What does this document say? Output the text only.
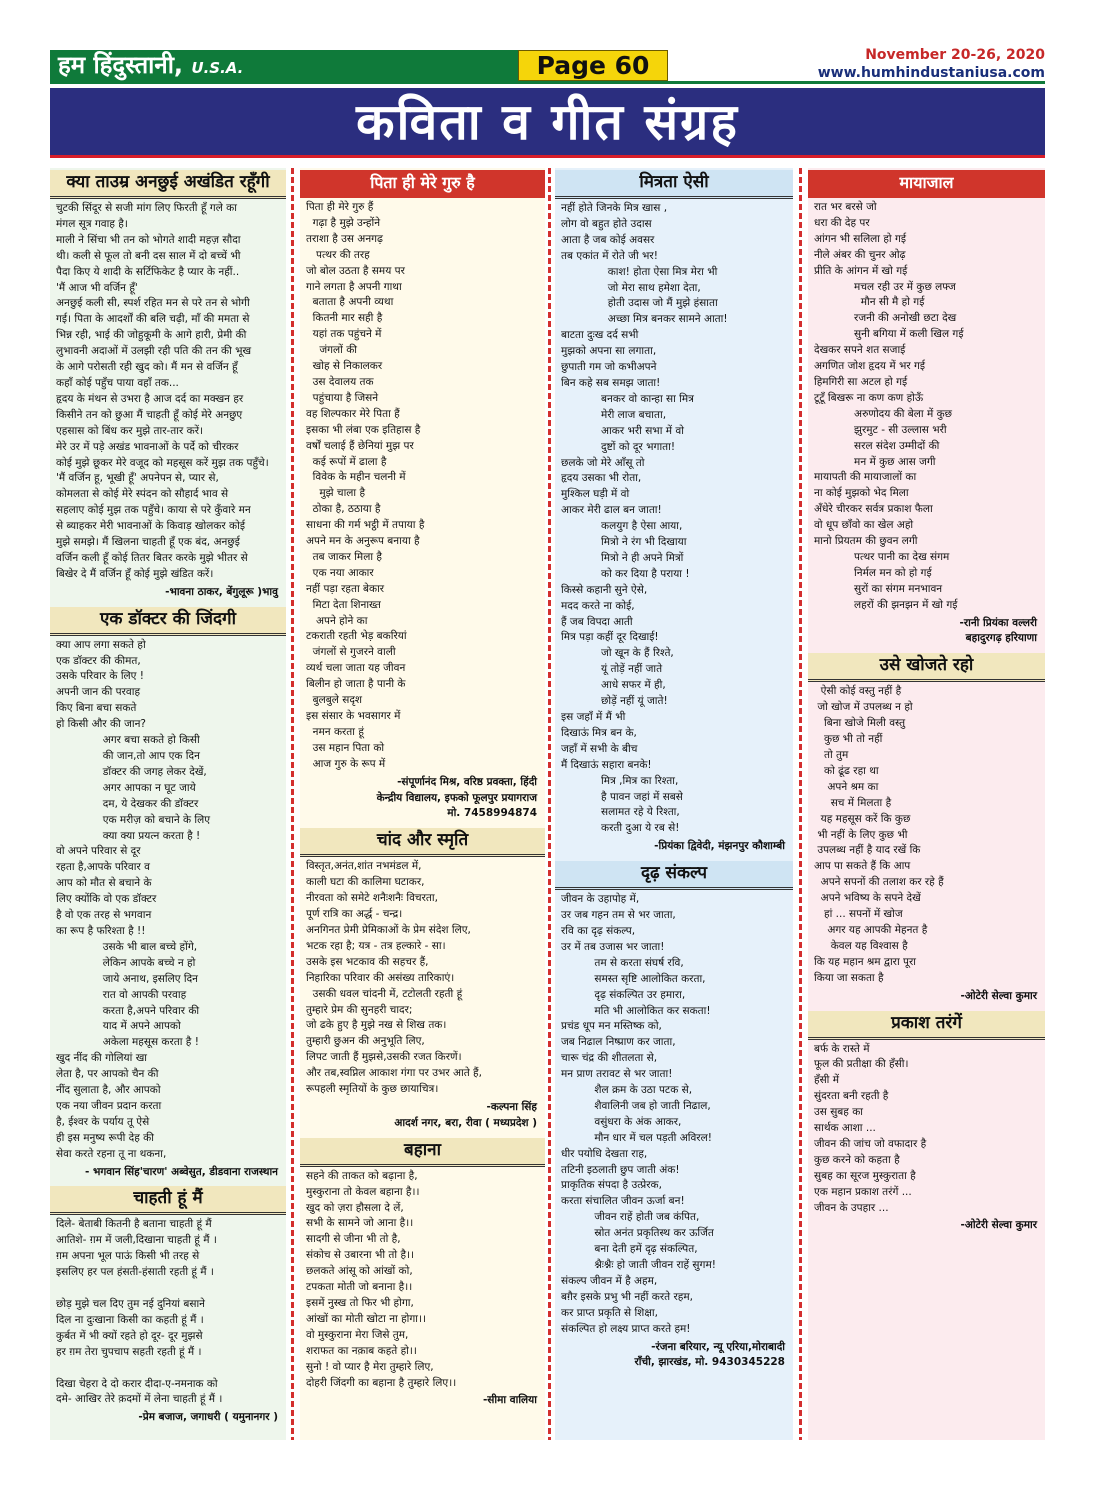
हम हिंदुस्तानी, U.S.A.	Page 60	November 20-26, 2020
www.humhindustaniusa.com
कविता व गीत संग्रह
क्या ताउम्र अनछुई अखंडित रहूँगी
चुटकी सिंदूर से सजी मांग लिए फिरती हूँ गले का
मंगल सूत्र गवाह है।
माली ने सिंचा भी तन को भोगते शादी महज़ सौदा
थी। कली से फूल तो बनी दस साल में दो बच्चें भी
पैदा किए ये शादी के सर्टिफिकेट है प्यार के नहीं..
'मैं आज भी वर्जिन हूँ'
अनछुई कली सी, स्पर्श रहित मन से परे तन से भोगी
गई। पिता के आदर्शों की बलि चढ़ी, माँ की ममता से
भिन्न रही, भाई की जोहुकूमी के आगे हारी, प्रेमी की
लुभावनी अदाओं में उलझी रही पति की तन की भूख
के आगे परोसती रही खुद को। मैं मन से वर्जिन हूँ
कहाँ कोई पहुँच पाया वहाँ तक...
हृदय के मंथन से उभरा है आज दर्द का मक्खन हर
किसीने तन को छुआ मैं चाहती हूँ कोई मेरे अनछुए
एहसास को बिंध कर मुझे तार-तार करें।
मेरे उर में पड़े अखंड भावनाओं के पर्दे को चीरकर
कोई मुझे छूकर मेरे वजूद को महसूस करें मुझ तक पहुँचे।
'मैं वर्जिन हू, भूखी हूँ' अपनेपन से, प्यार से,
कोमलता से कोई मेरे स्पंदन को सौहार्द भाव से
सहलाए कोई मुझ तक पहुँचे। काया से परे कुँवारे मन
से ब्याहकर मेरी भावनाओं के किवाड़ खोलकर कोई
मुझे समझे। मैं खिलना चाहती हूँ एक बंद, अनछुई
वर्जिन कली हूँ कोई तितर बितर करके मुझे भीतर से
बिखेर दे मैं वर्जिन हूँ कोई मुझे खंडित करें।
-भावना ठाकर, बेंगुलूरू )भावु
एक डॉक्टर की जिंदगी
क्या आप लगा सकते हो
एक डॉक्टर की कीमत,
उसके परिवार के लिए !
अपनी जान की परवाह
किए बिना बचा सकते
हो किसी और की जान?
अगर बचा सकते हो किसी
की जान,तो आप एक दिन
डॉक्टर की जगह लेकर देखें,
अगर आपका न घूट जाये
दम, ये देखकर की डॉक्टर
एक मरीज़ को बचाने के लिए
क्या क्या प्रयत्न करता है !
वो अपने परिवार से दूर
रहता है,आपके परिवार व
आप को मौत से बचाने के
लिए क्योंकि वो एक डॉक्टर
है वो एक तरह से भगवान
का रूप है फरिश्ता है !!
उसके भी बाल बच्चे होंगे,
लेकिन आपके बच्चे न हो
जाये अनाथ, इसलिए दिन
रात वो आपकी परवाह
करता है,अपने परिवार की
याद में अपने आपको
अकेला महसूस करता है !
खुद नींद की गोलियां खा
लेता है, पर आपको चैन की
नींद सुलाता है, और आपको
एक नया जीवन प्रदान करता
है, ईश्वर के पर्याय तू ऐसे
ही इस मनुष्य रूपी देह की
सेवा करते रहना तू ना थकना,
- भगवान सिंह'चारण' अब्वेसुत, डीडवाना राजस्थान
चाहती हूं मैं
दिले- बेताबी कितनी है बताना चाहती हूं मैं
आतिशे- ग़म में जली,दिखाना चाहती हूं मैं ।
ग़म अपना भूल पाऊं किसी भी तरह से
इसलिए हर पल हंसती-हंसाती रहती हूं मैं ।

छोड़ मुझे चल दिए तुम नई दुनियां बसाने
दिल ना दुःखाना किसी का कहती हूं मैं ।
कुर्बत में भी क्यों रहते हो दूर- दूर मुझसे
हर ग़म तेरा चुपचाप सहती रहती हूं मैं ।

दिखा चेहरा दे दो करार दीदा-ए-नमनाक को
दमे- आखिर तेरे क़दमों में लेना चाहती हूं मैं ।
-प्रेम बजाज, जगाधरी ( यमुनानगर )
पिता ही मेरे गुरु है
पिता ही मेरे गुरु हैं
गढ़ा है मुझे उन्होंने
तराशा है उस अनगढ़
पत्थर की तरह
जो बोल उठता है समय पर
गाने लगता है अपनी गाथा
बताता है अपनी व्यथा
कितनी मार सही है
यहां तक पहुंचने में
जंगलों की
खोह से निकालकर
उस देवालय तक
पहुंचाया है जिसने
वह शिल्पकार मेरे पिता हैं
इसका भी लंबा एक इतिहास है
वर्षों चलाई हैं छेनियां मुझ पर
कई रूपों में ढाला है
विवेक के महीन चलनी में
मुझे चाला है
ठोका है, ठठाया है
साधना की गर्म भट्ठी में तपाया है
अपने मन के अनुरूप बनाया है
तब जाकर मिला है
एक नया आकार
नहीं पड़ा रहता बेकार
मिटा देता शिनाख्त
अपने होने का
टकराती रहती भेड़ बकरियां
जंगलों से गुजरने वाली
व्यर्थ चला जाता यह जीवन
बिलीन हो जाता है पानी के
बुलबुले सदृश
इस संसार के भवसागर में
नमन करता हूं
उस महान पिता को
आज गुरु के रूप में
-संपूर्णानंद मिश्र, वरिष्ठ प्रवक्ता, हिंदी
केन्द्रीय विद्यालय, इफको फूलपुर प्रयागराज
मो. 7458994874
चांद और स्मृति
विस्तृत,अनंत,शांत नभमंडल में,
काली घटा की कालिमा घटाकर,
नीरवता को समेटे शनैःशनैः विचरता,
पूर्ण रात्रि का अर्द्ध - चन्द्र।
अनगिनत प्रेमी प्रेमिकाओं के प्रेम संदेश लिए,
भटक रहा है; यत्र - तत्र हल्कारे - सा।
उसके इस भटकाव की सहचर हैं,
निहारिका परिवार की असंख्य तारिकाएं।
उसकी धवल चांदनी में, टटोलती रहती हूं
तुम्हारे प्रेम की सुनहरी चादर;
जो ढके हुए है मुझे नख से शिख तक।
तुम्हारी छुअन की अनुभूति लिए,
लिपट जाती हैं मुझसे,उसकी रजत किरणें।
और तब,स्वप्निल आकाश गंगा पर उभर आते हैं,
रूपहली स्मृतियों के कुछ छायाचित्र।
-कल्पना सिंह
आदर्श नगर, बरा, रीवा ( मध्यप्रदेश )
बहाना
सहने की ताकत को बढ़ाना है,
मुस्कुराना तो केवल बहाना है।।
खुद को ज़रा हौसला दे लें,
सभी के सामने जो आना है।।
सादगी से जीना भी तो है,
संकोच से उबारना भी तो है।।
छलकते आंसू को आंखों को,
टपकता मोती जो बनाना है।।
इसमें नुस्ख तो फिर भी होगा,
आंखों का मोती खोटा ना होगा।।
वो मुस्कुराना मेरा जिसे तुम,
शराफत का नक़ाब कहते हो।।
सुनो ! वो प्यार है मेरा तुम्हारे लिए,
दोहरी जिंदगी का बहाना है तुम्हारे लिए।।
-सीमा वालिया
मित्रता ऐसी
नहीं होते जिनके मित्र खास ,
लोग वो बहुत होते उदास
आता है जब कोई अवसर
तब एकांत में रोते जी भर!
काश! होता ऐसा मित्र मेरा भी
जो मेरा साथ हमेशा देता,
होती उदास जो मैं मुझे हंसाता
अच्छा मित्र बनकर सामने आता!
बाटता दुःख दर्द सभी
मुझको अपना सा लगाता,
छुपाती गम जो कभीअपने
बिन कहे सब समझ जाता!
बनकर वो कान्हा सा मित्र
मेरी लाज बचाता,
आकर भरी सभा में वो
दुष्टों को दूर भगाता!
छलके जो मेरे आँसू तो
हृदय उसका भी रोता,
मुश्किल घड़ी में वो
आकर मेरी ढाल बन जाता!
कलयुग है ऐसा आया,
मित्रो ने रंग भी दिखाया
मित्रो ने ही अपने मित्रों
को कर दिया है पराया !
किस्से कहानी सुने ऐसे,
मदद करते ना कोई,
हैं जब विपदा आती
मित्र पड़ा कहीं दूर दिखाई!
जो खून के हैं रिश्ते,
यूं तोड़ें नहीं जाते
आधे सफर में ही,
छोड़ें नहीं यूं जाते!
इस जहाँ में मैं भी
दिखाऊं मित्र बन के,
जहाँ में सभी के बीच
मैं दिखाऊं सहारा बनके!
मित्र ,मित्र का रिश्ता,
है पावन जहां में सबसे
सलामत रहे ये रिश्ता,
करती दुआ ये रब से!
-प्रियंका द्विवेदी, मंझनपुर कौशाम्बी
दृढ़ संकल्प
जीवन के उहापोह में,
उर जब गहन तम से भर जाता,
रवि का दृढ़ संकल्प,
उर में तब उजास भर जाता!
तम से करता संघर्ष रवि,
समस्त सृष्टि आलोकित करता,
दृढ़ संकल्पित उर हमारा,
मति भी आलोकित कर सकता!
प्रचंड धूप मन मस्तिष्क को,
जब निढाल निष्प्राण कर जाता,
चारू चंद्र की शीतलता से,
मन प्राण तरावट से भर जाता!
शैल क्रम के उठा पटक से,
शैवालिनी जब हो जाती निढाल,
वसुंधरा के अंक आकर,
मौन धार में चल पड़ती अविरल!
धीर पयोधि देखता राह,
तटिनी इठलाती छुप जाती अंक!
प्राकृतिक संपदा है उत्प्रेरक,
करता संचालित जीवन ऊर्जा बन!
जीवन राहें होती जब कंपित,
स्रोत अनंत प्रकृतिस्थ कर ऊर्जित
बना देती हमें दृढ़ संकल्पित,
श्नैःश्नैः हो जाती जीवन राहें सुगम!
संकल्प जीवन में है अहम,
बग़ैर इसके प्रभु भी नहीं करते रहम,
कर प्राप्त प्रकृति से शिक्षा,
संकल्पित हो लक्ष्य प्राप्त करते हम!
-रंजना बरियार, न्यू एरिया,मोराबादी
रॉंची, झारखंड, मो. 9430345228
मायाजाल
रात भर बरसे जो
धरा की देह पर
आंगन भी सलिला हो गई
नीले अंबर की चुनर ओढ़
प्रीति के आंगन में खो गई
मचल रही उर में कुछ लफ्ज
मौन सी मै हो गई
रजनी की अनोखी छटा देख
सुनी बगिया में कली खिल गई
देखकर सपने शत सजाई
अगणित जोश हृदय में भर गई
हिमगिरी सा अटल हो गई
टूटूँ बिखरू ना कण कण होऊँ
अरुणोदय की बेला में कुछ
झुरमुट - सी उल्लास भरी
सरल संदेश उम्मीदों की
मन में कुछ आस जगी
मायापती की मायाजालों का
ना कोई मुझको भेद मिला
अँधेरे चीरकर सर्वत्र प्रकाश फैला
वो धूप छाँवो का खेल अहो
मानो प्रियतम की छुवन लगी
पत्थर पानी का देख संगम
निर्मल मन को हो गई
सुरों का संगम मनभावन
लहरों की झनझन में खो गई
-रानी प्रियंका वल्लरी
बहादुरगढ़ हरियाणा
उसे खोजते रहो
ऐसी कोई वस्तु नहीं है
जो खोज में उपलब्ध न हो
बिना खोजे मिली वस्तु
कुछ भी तो नहीं
तो तुम
को ढूंढ रहा था
अपने श्रम का
सच में मिलता है
यह महसूस करें कि कुछ
भी नहीं के लिए कुछ भी
उपलब्ध नहीं है याद रखें कि
आप पा सकते हैं कि आप
अपने सपनों की तलाश कर रहे हैं
अपने भविष्य के सपने देखें
हां ... सपनों में खोज
अगर यह आपकी मेहनत है
केवल यह विश्वास है
कि यह महान श्रम द्वारा पूरा
किया जा सकता है
-ओटेरी सेल्वा कुमार
प्रकाश तरंगें
बर्फ के रास्ते में
फूल की प्रतीक्षा की हँसी।
हँसी में
सुंदरता बनी रहती है
उस सुबह का
सार्थक आशा ...
जीवन की जांच जो वफादार है
कुछ करने को कहता है
सुबह का सूरज मुस्कुराता है
एक महान प्रकाश तरंगें ...
जीवन के उपहार ...
-ओटेरी सेल्वा कुमार
